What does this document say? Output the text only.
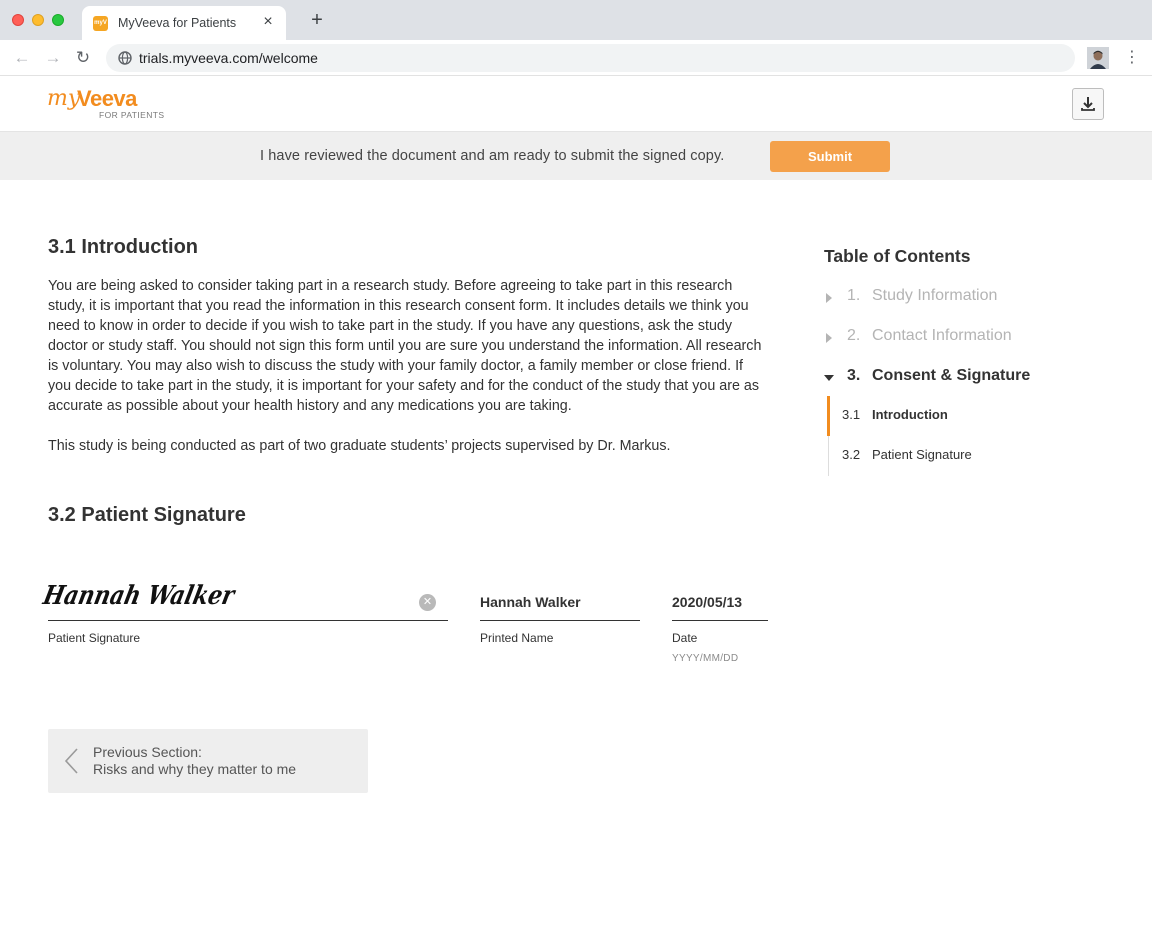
myV MyVeeva for Patients × +
← → ↻	trials.myveeva.com/welcome	⋮
my
Veeva
FOR PATIENTS
I have reviewed the document and am ready to submit the signed copy.	Submit
3.1 Introduction

You are being asked to consider taking part in a research study. Before agreeing to take part in this research study, it is important that you read the information in this research consent form. It includes details we think you need to know in order to decide if you wish to take part in the study. If you have any questions, ask the study doctor or study staff. You should not sign this form until you are sure you understand the information. All research is voluntary. You may also wish to discuss the study with your family doctor, a family member or close friend. If you decide to take part in the study, it is important for your safety and for the conduct of the study that you are as accurate as possible about your health history and any medications you are taking.

This study is being conducted as part of two graduate students’ projects supervised by Dr. Markus.

3.2 Patient Signature
Hannah Walker	✕
Patient Signature
Hannah Walker
Printed Name
2020/05/13
Date
YYYY/MM/DD
Previous Section:
Risks and why they matter to me
Table of Contents
1. Study Information
2. Contact Information
3. Consent & Signature
3.1 Introduction
3.2 Patient Signature
